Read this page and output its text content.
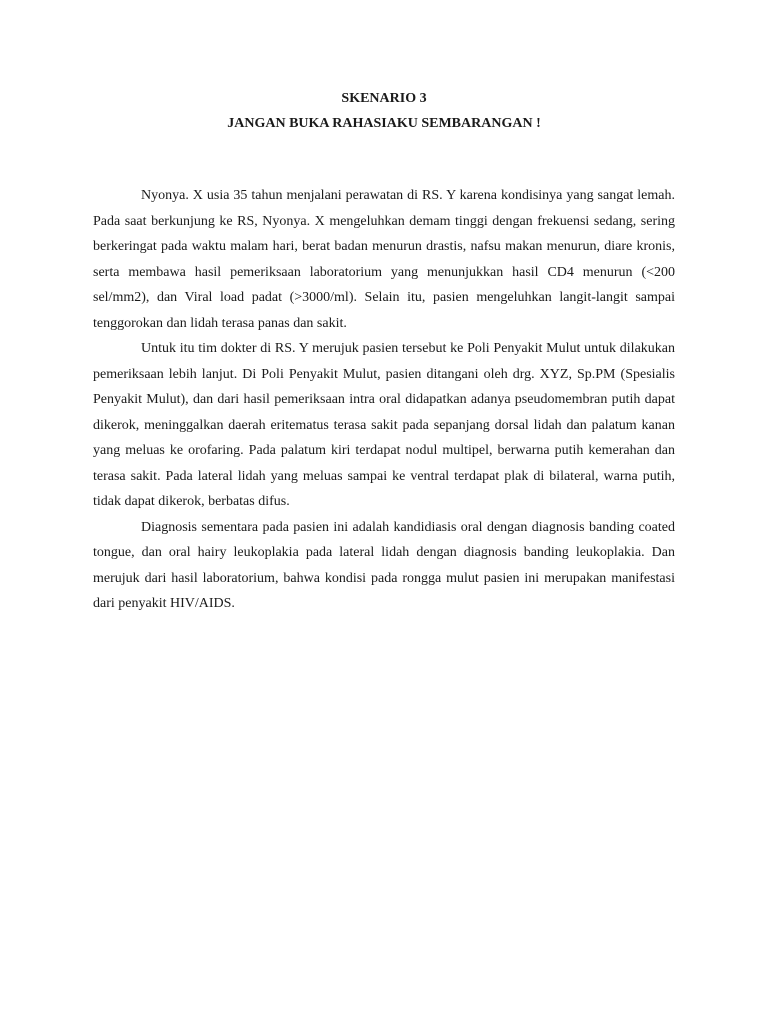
SKENARIO 3

JANGAN BUKA RAHASIAKU SEMBARANGAN !

Nyonya. X usia 35 tahun menjalani perawatan di RS. Y karena kondisinya yang sangat lemah. Pada saat berkunjung ke RS, Nyonya. X mengeluhkan demam tinggi dengan frekuensi sedang, sering berkeringat pada waktu malam hari, berat badan menurun drastis, nafsu makan menurun, diare kronis, serta membawa hasil pemeriksaan laboratorium yang menunjukkan hasil CD4 menurun (<200 sel/mm2), dan Viral load padat (>3000/ml). Selain itu, pasien mengeluhkan langit-langit sampai tenggorokan dan lidah terasa panas dan sakit.

Untuk itu tim dokter di RS. Y merujuk pasien tersebut ke Poli Penyakit Mulut untuk dilakukan pemeriksaan lebih lanjut. Di Poli Penyakit Mulut, pasien ditangani oleh drg. XYZ, Sp.PM (Spesialis Penyakit Mulut), dan dari hasil pemeriksaan intra oral didapatkan adanya pseudomembran putih dapat dikerok, meninggalkan daerah eritematus terasa sakit pada sepanjang dorsal lidah dan palatum kanan yang meluas ke orofaring. Pada palatum kiri terdapat nodul multipel, berwarna putih kemerahan dan terasa sakit. Pada lateral lidah yang meluas sampai ke ventral terdapat plak di bilateral, warna putih, tidak dapat dikerok, berbatas difus.

Diagnosis sementara pada pasien ini adalah kandidiasis oral dengan diagnosis banding coated tongue, dan oral hairy leukoplakia pada lateral lidah dengan diagnosis banding leukoplakia. Dan merujuk dari hasil laboratorium, bahwa kondisi pada rongga mulut pasien ini merupakan manifestasi dari penyakit HIV/AIDS.
